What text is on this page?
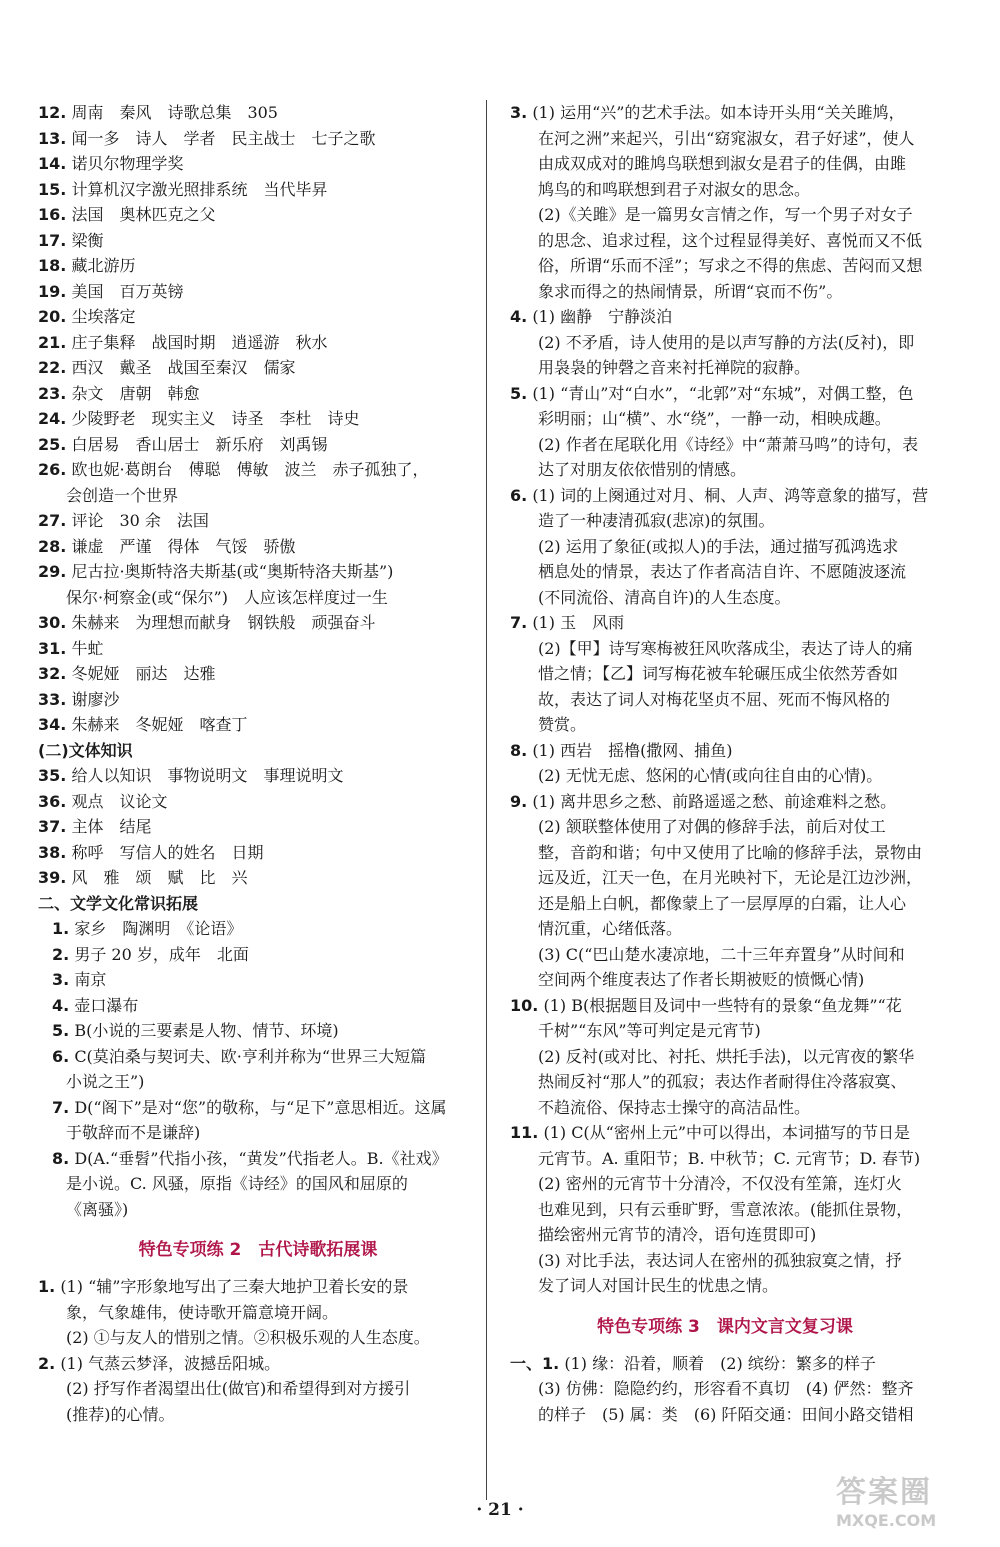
12. 周南　秦风　诗歌总集　305
13. 闻一多　诗人　学者　民主战士　七子之歌
14. 诺贝尔物理学奖
15. 计算机汉字激光照排系统　当代毕昇
16. 法国　奥林匹克之父
17. 梁衡
18. 藏北游历
19. 美国　百万英镑
20. 尘埃落定
21. 庄子集释　战国时期　逍遥游　秋水
22. 西汉　戴圣　战国至秦汉　儒家
23. 杂文　唐朝　韩愈
24. 少陵野老　现实主义　诗圣　李杜　诗史
25. 白居易　香山居士　新乐府　刘禹锡
26. 欧也妮·葛朗台　傅聪　傅敏　波兰　赤子孤独了，
会创造一个世界
27. 评论　30 余　法国
28. 谦虚　严谨　得体　气馁　骄傲
29. 尼古拉·奥斯特洛夫斯基(或“奥斯特洛夫斯基”)
保尔·柯察金(或“保尔”)　人应该怎样度过一生
30. 朱赫来　为理想而献身　钢铁般　顽强奋斗
31. 牛虻
32. 冬妮娅　丽达　达雅
33. 谢廖沙
34. 朱赫来　冬妮娅　喀查丁
(二)文体知识
35. 给人以知识　事物说明文　事理说明文
36. 观点　议论文
37. 主体　结尾
38. 称呼　写信人的姓名　日期
39. 风　雅　颂　赋　比　兴
二、文学文化常识拓展
1. 家乡　陶渊明　《论语》
2. 男子 20 岁，成年　北面
3. 南京
4. 壶口瀑布
5. B(小说的三要素是人物、情节、环境)
6. C(莫泊桑与契诃夫、欧·亨利并称为“世界三大短篇
小说之王”)
7. D(“阁下”是对“您”的敬称，与“足下”意思相近。这属
于敬辞而不是谦辞)
8. D(A.“垂髫”代指小孩，“黄发”代指老人。B.《社戏》
是小说。C. 风骚，原指《诗经》的国风和屈原的
《离骚》)
特色专项练 2　古代诗歌拓展课
1. (1) “辅”字形象地写出了三秦大地护卫着长安的景
象，气象雄伟，使诗歌开篇意境开阔。
(2) ①与友人的惜别之情。②积极乐观的人生态度。
2. (1) 气蒸云梦泽，波撼岳阳城。
(2) 抒写作者渴望出仕(做官)和希望得到对方援引
(推荐)的心情。
3. (1) 运用“兴”的艺术手法。如本诗开头用“关关雎鸠，
在河之洲”来起兴，引出“窈窕淑女，君子好逑”，使人
由成双成对的雎鸠鸟联想到淑女是君子的佳偶，由雎
鸠鸟的和鸣联想到君子对淑女的思念。
(2)《关雎》是一篇男女言情之作，写一个男子对女子
的思念、追求过程，这个过程显得美好、喜悦而又不低
俗，所谓“乐而不淫”；写求之不得的焦虑、苦闷而又想
象求而得之的热闹情景，所谓“哀而不伤”。
4. (1) 幽静　宁静淡泊
(2) 不矛盾，诗人使用的是以声写静的方法(反衬)，即
用袅袅的钟磬之音来衬托禅院的寂静。
5. (1) “青山”对“白水”，“北郭”对“东城”，对偶工整，色
彩明丽；山“横”、水“绕”，一静一动，相映成趣。
(2) 作者在尾联化用《诗经》中“萧萧马鸣”的诗句，表
达了对朋友依依惜别的情感。
6. (1) 词的上阕通过对月、桐、人声、鸿等意象的描写，营
造了一种凄清孤寂(悲凉)的氛围。
(2) 运用了象征(或拟人)的手法，通过描写孤鸿选求
栖息处的情景，表达了作者高洁自许、不愿随波逐流
(不同流俗、清高自许)的人生态度。
7. (1) 玉　风雨
(2)【甲】诗写寒梅被狂风吹落成尘，表达了诗人的痛
惜之情；【乙】词写梅花被车轮碾压成尘依然芳香如
故，表达了词人对梅花坚贞不屈、死而不悔风格的
赞赏。
8. (1) 西岩　摇橹(撒网、捕鱼)
(2) 无忧无虑、悠闲的心情(或向往自由的心情)。
9. (1) 离井思乡之愁、前路遥遥之愁、前途难料之愁。
(2) 颔联整体使用了对偶的修辞手法，前后对仗工
整，音韵和谐；句中又使用了比喻的修辞手法，景物由
远及近，江天一色，在月光映衬下，无论是江边沙洲，
还是船上白帆，都像蒙上了一层厚厚的白霜，让人心
情沉重，心绪低落。
(3) C(“巴山楚水凄凉地，二十三年弃置身”从时间和
空间两个维度表达了作者长期被贬的愤慨心情)
10. (1) B(根据题目及词中一些特有的景象“鱼龙舞”“花
千树”“东风”等可判定是元宵节)
(2) 反衬(或对比、衬托、烘托手法)，以元宵夜的繁华
热闹反衬“那人”的孤寂；表达作者耐得住冷落寂寞、
不趋流俗、保持志士操守的高洁品性。
11. (1) C(从“密州上元”中可以得出，本词描写的节日是
元宵节。A. 重阳节；B. 中秋节；C. 元宵节；D. 春节)
(2) 密州的元宵节十分清冷，不仅没有笙箫，连灯火
也难见到，只有云垂旷野，雪意浓浓。(能抓住景物，
描绘密州元宵节的清冷，语句连贯即可)
(3) 对比手法，表达词人在密州的孤独寂寞之情，抒
发了词人对国计民生的忧患之情。
特色专项练 3　课内文言文复习课
一、1. (1) 缘：沿着，顺着　(2) 缤纷：繁多的样子
(3) 仿佛：隐隐约约，形容看不真切　(4) 俨然：整齐
的样子　(5) 属：类　(6) 阡陌交通：田间小路交错相
· 21 ·	答案圈
MXQE.COM
